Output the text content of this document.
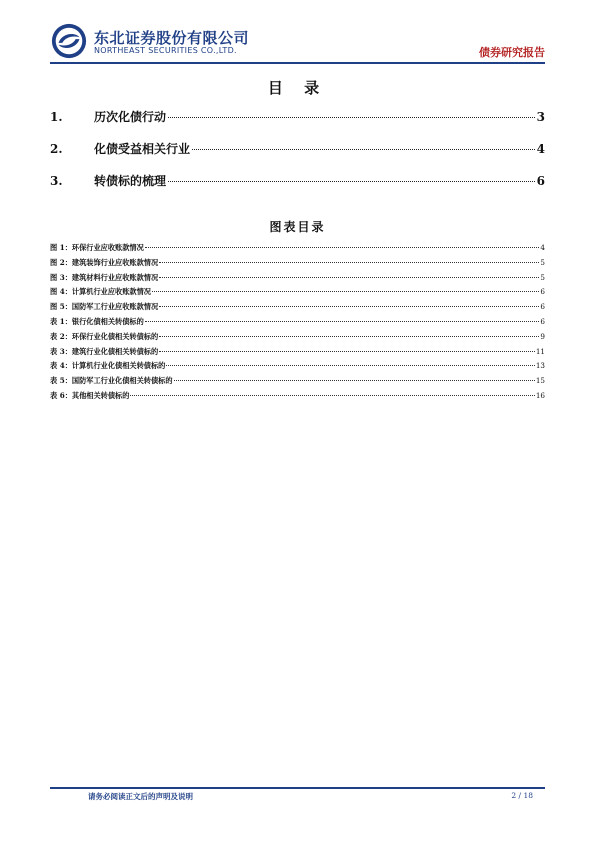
东北证券股份有限公司
NORTHEAST SECURITIES CO.,LTD.	债券研究报告
目 录
1.	历次化债行动	3
2.	化债受益相关行业	4
3.	转债标的梳理	6
图表目录
图 1：环保行业应收账款情况	4
图 2：建筑装饰行业应收账款情况	5
图 3：建筑材料行业应收账款情况	5
图 4：计算机行业应收账款情况	6
图 5：国防军工行业应收账款情况	6
表 1：银行化债相关转债标的	6
表 2：环保行业化债相关转债标的	9
表 3：建筑行业化债相关转债标的	11
表 4：计算机行业化债相关转债标的	13
表 5：国防军工行业化债相关转债标的	15
表 6：其他相关转债标的	16
请务必阅读正文后的声明及说明	2 / 18
